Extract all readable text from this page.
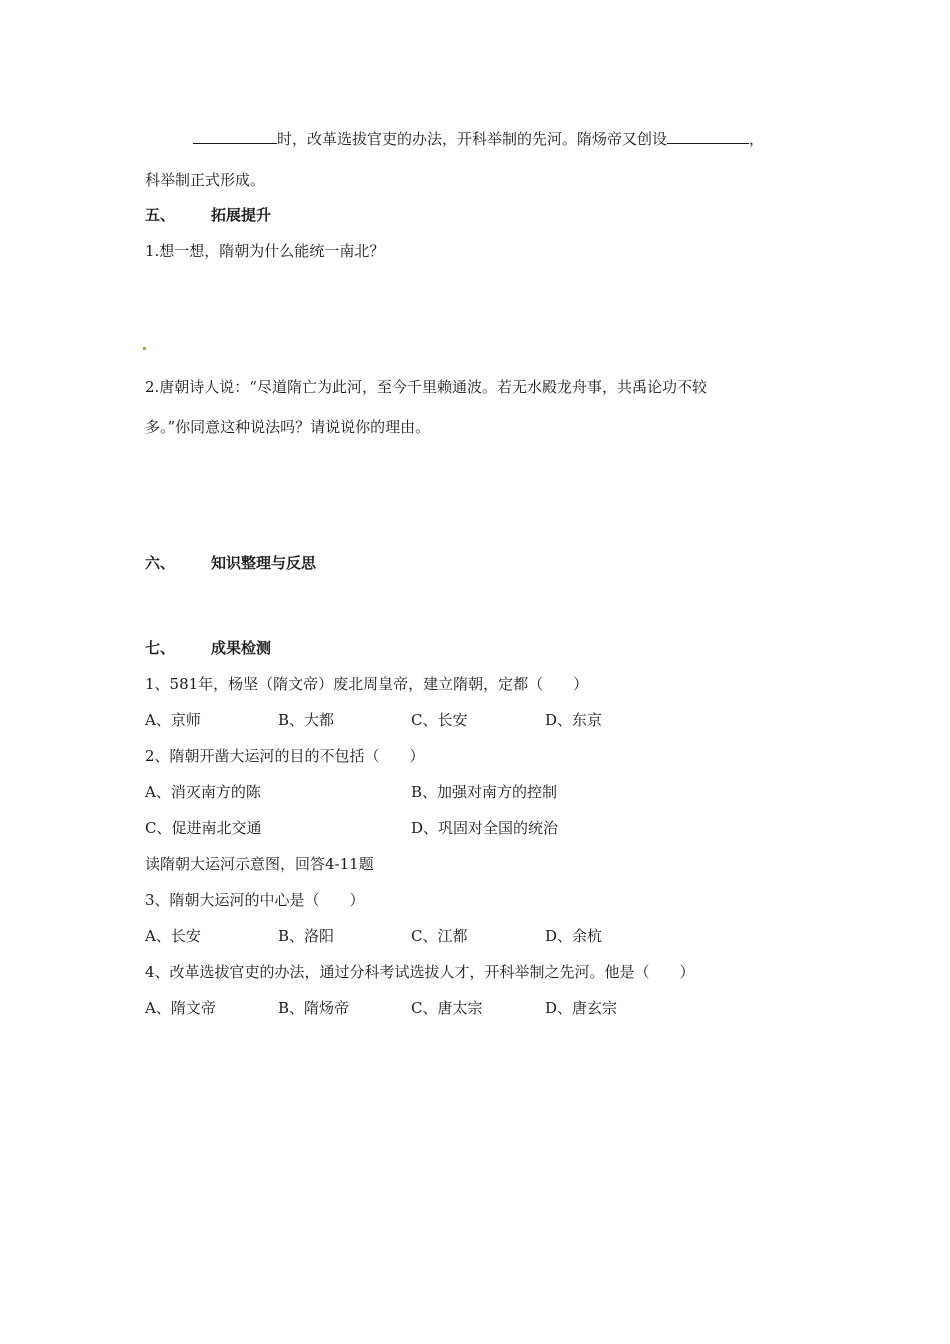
时，改革选拔官吏的办法，开科举制的先河。隋炀帝又创设	，
科举制正式形成。
五、 拓展提升
1.想一想，隋朝为什么能统一南北？
2.唐朝诗人说：“尽道隋亡为此河，至今千里赖通波。若无水殿龙舟事，共禹论功不较
多。”你同意这种说法吗？请说说你的理由。
六、 知识整理与反思
七、 成果检测
1、581年，杨坚（隋文帝）废北周皇帝，建立隋朝，定都（　　）
A、京师	B、大都	C、长安	D、东京
2、隋朝开凿大运河的目的不包括（　　）
A、消灭南方的陈	B、加强对南方的控制
C、促进南北交通	D、巩固对全国的统治
读隋朝大运河示意图，回答4-11题
3、隋朝大运河的中心是（　　）
A、长安	B、洛阳	C、江都	D、余杭
4、改革选拔官吏的办法，通过分科考试选拔人才，开科举制之先河。他是（　　）
A、隋文帝	B、隋炀帝	C、唐太宗	D、唐玄宗
